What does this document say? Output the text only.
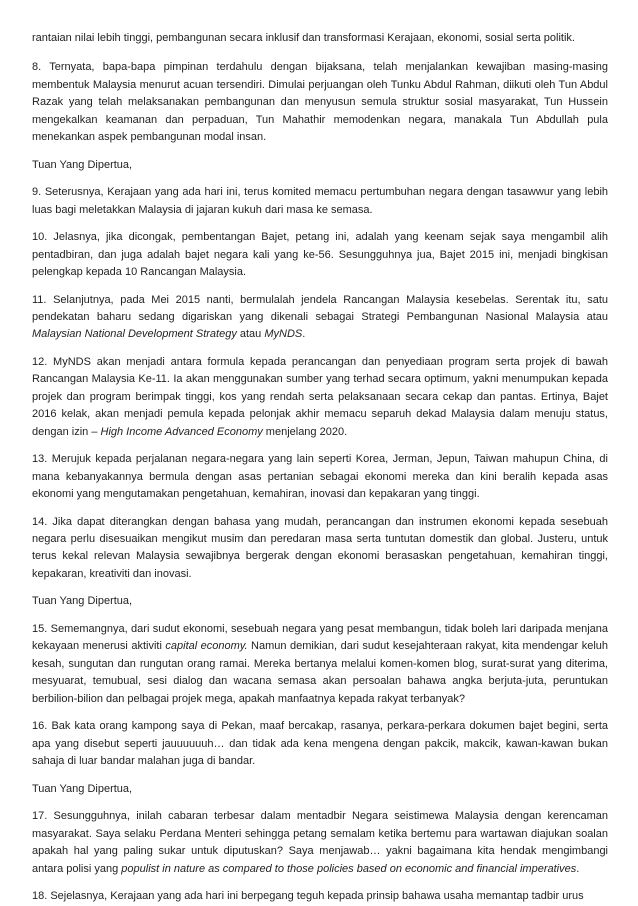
rantaian nilai lebih tinggi, pembangunan secara inklusif dan transformasi Kerajaan, ekonomi, sosial serta politik.

8. Ternyata, bapa-bapa pimpinan terdahulu dengan bijaksana, telah menjalankan kewajiban masing-masing membentuk Malaysia menurut acuan tersendiri. Dimulai perjuangan oleh Tunku Abdul Rahman, diikuti oleh Tun Abdul Razak yang telah melaksanakan pembangunan dan menyusun semula struktur sosial masyarakat, Tun Hussein mengekalkan keamanan dan perpaduan, Tun Mahathir memodenkan negara, manakala Tun Abdullah pula menekankan aspek pembangunan modal insan.

Tuan Yang Dipertua,

9. Seterusnya, Kerajaan yang ada hari ini, terus komited memacu pertumbuhan negara dengan tasawwur yang lebih luas bagi meletakkan Malaysia di jajaran kukuh dari masa ke semasa.

10. Jelasnya, jika dicongak, pembentangan Bajet, petang ini, adalah yang keenam sejak saya mengambil alih pentadbiran, dan juga adalah bajet negara kali yang ke-56. Sesungguhnya jua, Bajet 2015 ini, menjadi bingkisan pelengkap kepada 10 Rancangan Malaysia.

11. Selanjutnya, pada Mei 2015 nanti, bermulalah jendela Rancangan Malaysia kesebelas. Serentak itu, satu pendekatan baharu sedang digariskan yang dikenali sebagai Strategi Pembangunan Nasional Malaysia atau Malaysian National Development Strategy atau MyNDS.

12. MyNDS akan menjadi antara formula kepada perancangan dan penyediaan program serta projek di bawah Rancangan Malaysia Ke-11. Ia akan menggunakan sumber yang terhad secara optimum, yakni menumpukan kepada projek dan program berimpak tinggi, kos yang rendah serta pelaksanaan secara cekap dan pantas. Ertinya, Bajet 2016 kelak, akan menjadi pemula kepada pelonjak akhir memacu separuh dekad Malaysia dalam menuju status, dengan izin – High Income Advanced Economy menjelang 2020.

13. Merujuk kepada perjalanan negara-negara yang lain seperti Korea, Jerman, Jepun, Taiwan mahupun China, di mana kebanyakannya bermula dengan asas pertanian sebagai ekonomi mereka dan kini beralih kepada asas ekonomi yang mengutamakan pengetahuan, kemahiran, inovasi dan kepakaran yang tinggi.

14. Jika dapat diterangkan dengan bahasa yang mudah, perancangan dan instrumen ekonomi kepada sesebuah negara perlu disesuaikan mengikut musim dan peredaran masa serta tuntutan domestik dan global. Justeru, untuk terus kekal relevan Malaysia sewajibnya bergerak dengan ekonomi berasaskan pengetahuan, kemahiran tinggi, kepakaran, kreativiti dan inovasi.

Tuan Yang Dipertua,

15. Sememangnya, dari sudut ekonomi, sesebuah negara yang pesat membangun, tidak boleh lari daripada menjana kekayaan menerusi aktiviti capital economy. Namun demikian, dari sudut kesejahteraan rakyat, kita mendengar keluh kesah, sungutan dan rungutan orang ramai. Mereka bertanya melalui komen-komen blog, surat-surat yang diterima, mesyuarat, temubual, sesi dialog dan wacana semasa akan persoalan bahawa angka berjuta-juta, peruntukan berbilion-bilion dan pelbagai projek mega, apakah manfaatnya kepada rakyat terbanyak?

16. Bak kata orang kampong saya di Pekan, maaf bercakap, rasanya, perkara-perkara dokumen bajet begini, serta apa yang disebut seperti jauuuuuuh… dan tidak ada kena mengena dengan pakcik, makcik, kawan-kawan bukan sahaja di luar bandar malahan juga di bandar.

Tuan Yang Dipertua,

17. Sesungguhnya, inilah cabaran terbesar dalam mentadbir Negara seistimewa Malaysia dengan kerencaman masyarakat. Saya selaku Perdana Menteri sehingga petang semalam ketika bertemu para wartawan diajukan soalan apakah hal yang paling sukar untuk diputuskan? Saya menjawab… yakni bagaimana kita hendak mengimbangi antara polisi yang populist in nature as compared to those policies based on economic and financial imperatives.

18. Sejelasnya, Kerajaan yang ada hari ini berpegang teguh kepada prinsip bahawa usaha memantap tadbir urus
